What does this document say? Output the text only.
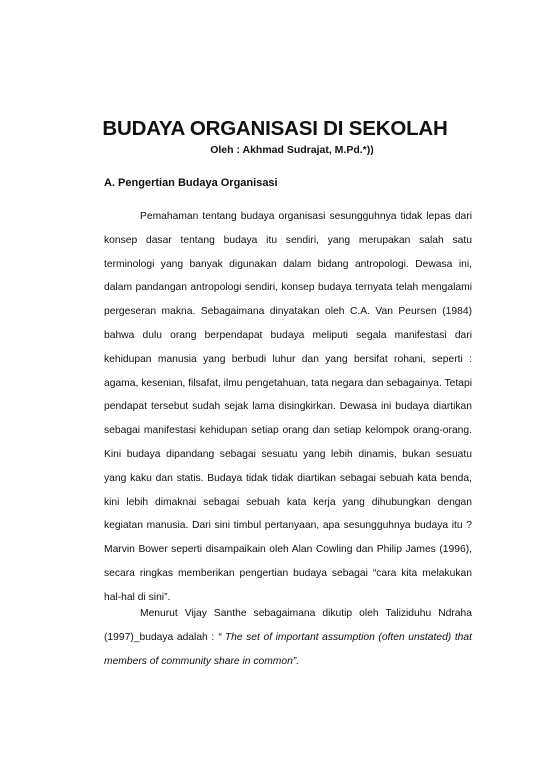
BUDAYA ORGANISASI DI SEKOLAH

Oleh : Akhmad Sudrajat, M.Pd.*))

A. Pengertian Budaya Organisasi

Pemahaman tentang budaya organisasi sesungguhnya tidak lepas dari konsep dasar tentang budaya itu sendiri, yang merupakan salah satu terminologi yang banyak digunakan dalam bidang antropologi. Dewasa ini, dalam pandangan antropologi sendiri, konsep budaya ternyata telah mengalami pergeseran makna. Sebagaimana dinyatakan oleh C.A. Van Peursen (1984) bahwa dulu orang berpendapat budaya meliputi segala manifestasi dari kehidupan manusia yang berbudi luhur dan yang bersifat rohani, seperti : agama, kesenian, filsafat, ilmu pengetahuan, tata negara dan sebagainya. Tetapi pendapat tersebut sudah sejak lama disingkirkan. Dewasa ini budaya diartikan sebagai manifestasi kehidupan setiap orang dan setiap kelompok orang-orang. Kini budaya dipandang sebagai sesuatu yang lebih dinamis, bukan sesuatu yang kaku dan statis. Budaya tidak tidak diartikan sebagai sebuah kata benda, kini lebih dimaknai sebagai sebuah kata kerja yang dihubungkan dengan kegiatan manusia. Dari sini timbul pertanyaan, apa sesungguhnya budaya itu ? Marvin Bower seperti disampaikain oleh Alan Cowling dan Philip James (1996), secara ringkas memberikan pengertian budaya sebagai “cara kita melakukan hal-hal di sini”.

Menurut Vijay Santhe sebagaimana dikutip oleh Taliziduhu Ndraha (1997)_budaya adalah : “ The set of important assumption (often unstated) that members of community share in common”.
